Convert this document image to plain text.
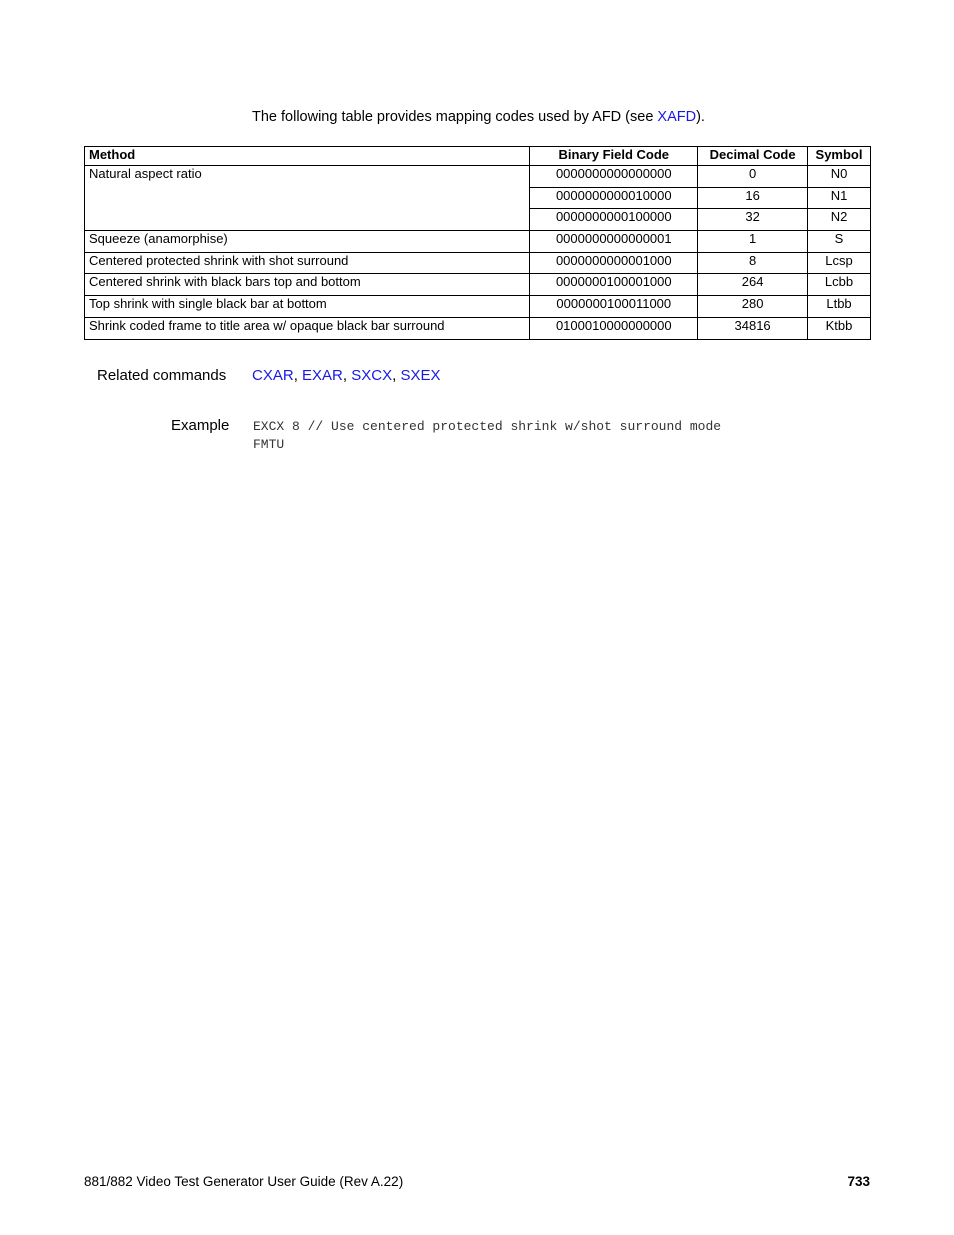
The following table provides mapping codes used by AFD (see XAFD).
Method	Binary Field Code	Decimal Code	Symbol
Natural aspect ratio	0000000000000000	0	N0
	0000000000010000	16	N1
	0000000000100000	32	N2
Squeeze (anamorphise)	0000000000000001	1	S
Centered protected shrink with shot surround	0000000000001000	8	Lcsp
Centered shrink with black bars top and bottom	0000000100001000	264	Lcbb
Top shrink with single black bar at bottom	0000000100011000	280	Ltbb
Shrink coded frame to title area w/ opaque black bar surround	0100010000000000	34816	Ktbb
Related commands CXAR, EXAR, SXCX, SXEX
Example EXCX 8 // Use centered protected shrink w/shot surround mode
FMTU
881/882 Video Test Generator User Guide (Rev A.22)	733
